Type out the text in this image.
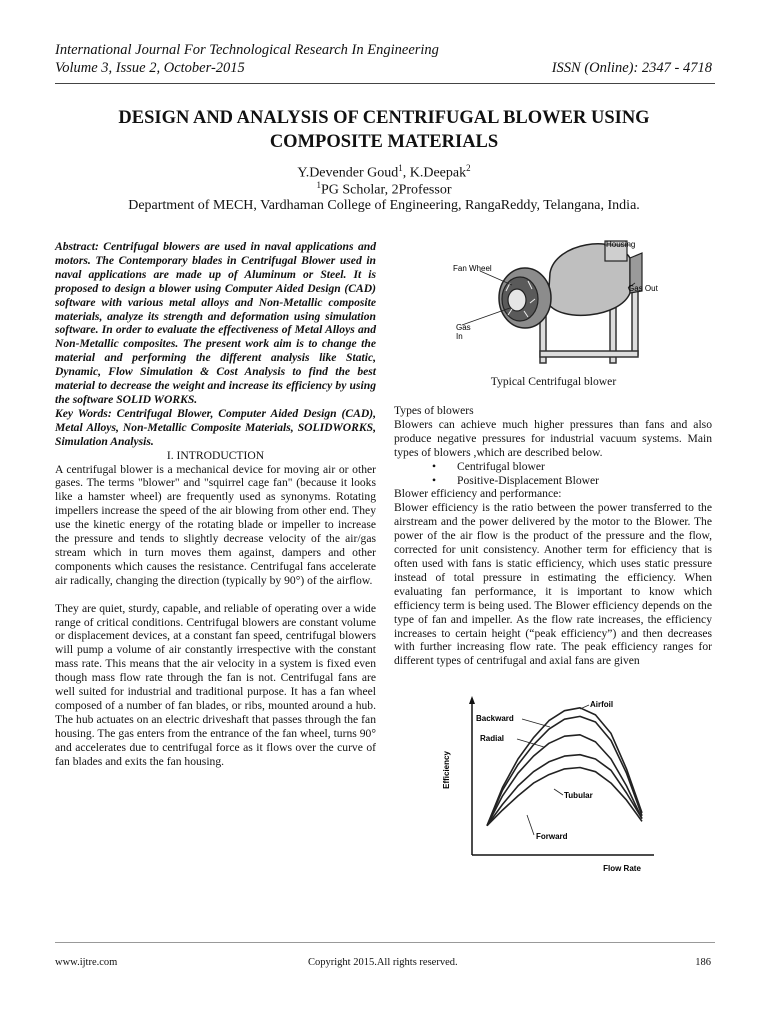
International Journal For Technological Research In Engineering
Volume 3, Issue 2, October-2015	ISSN (Online): 2347 - 4718
DESIGN AND ANALYSIS OF CENTRIFUGAL BLOWER USING
COMPOSITE MATERIALS
Y.Devender Goud$^1$, K.Deepak$^2$
$^1$PG Scholar, 2Professor
Department of MECH, Vardhaman College of Engineering, RangaReddy, Telangana, India.

Abstract: Centrifugal blowers are used in naval applications and motors. The Contemporary blades in Centrifugal Blower used in naval applications are made up of Aluminum or Steel. It is proposed to design a blower using Computer Aided Design (CAD) software with various metal alloys and Non-Metallic composite materials, analyze its strength and deformation using simulation software. In order to evaluate the effectiveness of Metal Alloys and Non-Metallic composites. The present work aim is to change the material and performing the different analysis like Static, Dynamic, Flow Simulation & Cost Analysis to find the best material to decrease the weight and increase its efficiency by using the software SOLID WORKS.

Key Words: Centrifugal Blower, Computer Aided Design (CAD), Metal Alloys, Non-Metallic Composite Materials, SOLIDWORKS, Simulation Analysis.

I. INTRODUCTION

A centrifugal blower is a mechanical device for moving air or other gases. The terms "blower" and "squirrel cage fan" (because it looks like a hamster wheel) are frequently used as synonyms. Rotating impellers increase the speed of the air blowing from other end. They use the kinetic energy of the rotating blade or impeller to increase the pressure and tends to slightly decrease velocity of the air/gas stream which in turn moves them against, dampers and other components which causes the resistance. Centrifugal fans accelerate air radically, changing the direction (typically by 90°) of the airflow.

They are quiet, sturdy, capable, and reliable of operating over a wide range of critical conditions. Centrifugal blowers are constant volume or displacement devices, at a constant fan speed, centrifugal blowers will pump a volume of air constantly irrespective with the constant mass rate. This means that the air velocity in a system is fixed even though mass flow rate through the fan is not. Centrifugal fans are well suited for industrial and traditional purpose. It has a fan wheel composed of a number of fan blades, or ribs, mounted around a hub. The hub actuates on an electric driveshaft that passes through the fan housing. The gas enters from the entrance of the fan wheel, turns 90° and accelerates due to centrifugal force as it flows over the curve of fan blades and exits the fan housing.

Housing
Fan Wheel
Gas Out
Gas
In
Typical Centrifugal blower

Types of blowers

Blowers can achieve much higher pressures than fans and also produce negative pressures for industrial vacuum systems. Main types of blowers ,which are described below.

• Centrifugal blower
• Positive-Displacement Blower

Blower efficiency and performance:

Blower efficiency is the ratio between the power transferred to the airstream and the power delivered by the motor to the Blower. The power of the air flow is the product of the pressure and the flow, corrected for unit consistency. Another term for efficiency that is often used with fans is static efficiency, which uses static pressure instead of total pressure in estimating the efficiency. When evaluating fan performance, it is important to know which efficiency term is being used. The Blower efficiency depends on the type of fan and impeller. As the flow rate increases, the efficiency increases to certain height (“peak efficiency”) and then decreases with further increasing flow rate. The peak efficiency ranges for different types of centrifugal and axial fans are given

Flow Rate
Efficiency
Airfoil
Backward
Radial
Tubular
Forward
www.ijtre.com	Copyright 2015.All rights reserved.	186
